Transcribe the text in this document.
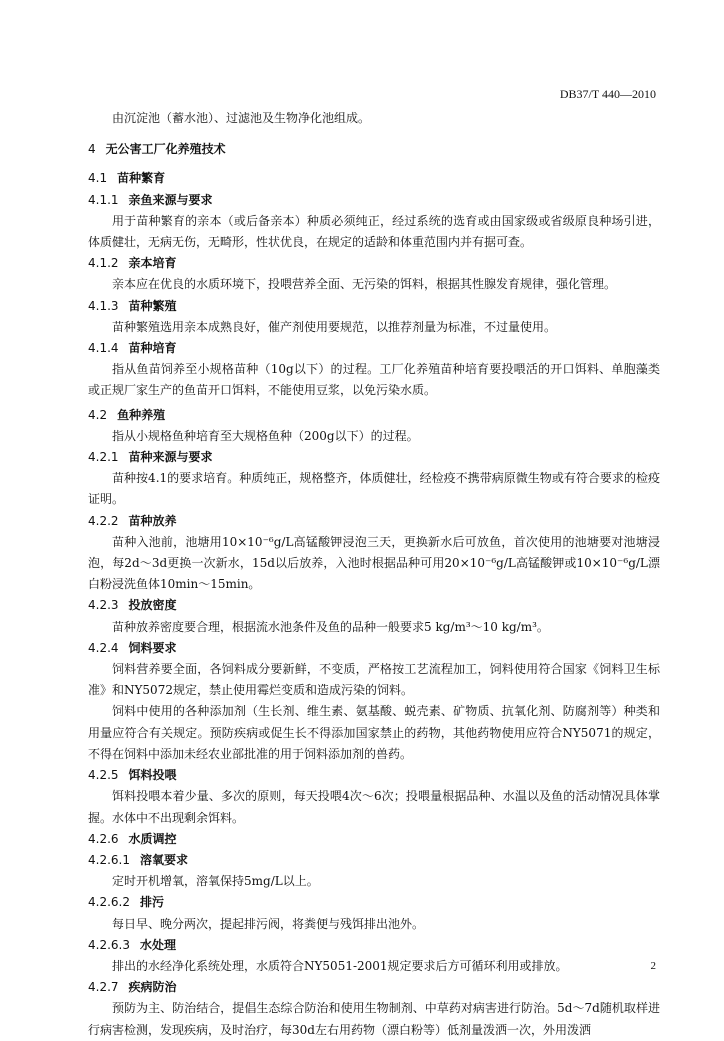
DB37/T 440—2010

由沉淀池（蓄水池）、过滤池及生物净化池组成。

4 无公害工厂化养殖技术
4.1 苗种繁育
4.1.1 亲鱼来源与要求

用于苗种繁育的亲本（或后备亲本）种质必须纯正，经过系统的选育或由国家级或省级原良种场引进，体质健壮，无病无伤，无畸形，性状优良，在规定的适龄和体重范围内并有据可查。

4.1.2 亲本培育

亲本应在优良的水质环境下，投喂营养全面、无污染的饵料，根据其性腺发育规律，强化管理。

4.1.3 苗种繁殖

苗种繁殖选用亲本成熟良好，催产剂使用要规范，以推荐剂量为标准，不过量使用。

4.1.4 苗种培育

指从鱼苗饲养至小规格苗种（10g以下）的过程。工厂化养殖苗种培育要投喂活的开口饵料、单胞藻类或正规厂家生产的鱼苗开口饵料，不能使用豆浆，以免污染水质。

4.2 鱼种养殖

指从小规格鱼种培育至大规格鱼种（200g以下）的过程。

4.2.1 苗种来源与要求

苗种按4.1的要求培育。种质纯正，规格整齐，体质健壮，经检疫不携带病原微生物或有符合要求的检疫证明。

4.2.2 苗种放养

苗种入池前，池塘用10×10⁻⁶g/L高锰酸钾浸泡三天，更换新水后可放鱼，首次使用的池塘要对池塘浸泡，每2d～3d更换一次新水，15d以后放养，入池时根据品种可用20×10⁻⁶g/L高锰酸钾或10×10⁻⁶g/L漂白粉浸洗鱼体10min～15min。

4.2.3 投放密度

苗种放养密度要合理，根据流水池条件及鱼的品种一般要求5 kg/m³～10 kg/m³。

4.2.4 饲料要求

饲料营养要全面，各饲料成分要新鲜，不变质，严格按工艺流程加工，饲料使用符合国家《饲料卫生标准》和NY5072规定，禁止使用霉烂变质和造成污染的饲料。

饲料中使用的各种添加剂（生长剂、维生素、氨基酸、蜕壳素、矿物质、抗氧化剂、防腐剂等）种类和用量应符合有关规定。预防疾病或促生长不得添加国家禁止的药物，其他药物使用应符合NY5071的规定，不得在饲料中添加未经农业部批准的用于饲料添加剂的兽药。

4.2.5 饵料投喂

饵料投喂本着少量、多次的原则，每天投喂4次～6次；投喂量根据品种、水温以及鱼的活动情况具体掌握。水体中不出现剩余饵料。

4.2.6 水质调控
4.2.6.1 溶氧要求

定时开机增氧，溶氧保持5mg/L以上。

4.2.6.2 排污

每日早、晚分两次，提起排污阀，将粪便与残饵排出池外。

4.2.6.3 水处理

排出的水经净化系统处理，水质符合NY5051-2001规定要求后方可循环利用或排放。

4.2.7 疾病防治

预防为主、防治结合，提倡生态综合防治和使用生物制剂、中草药对病害进行防治。5d～7d随机取样进行病害检测，发现疾病，及时治疗，每30d左右用药物（漂白粉等）低剂量泼洒一次，外用泼洒

2
